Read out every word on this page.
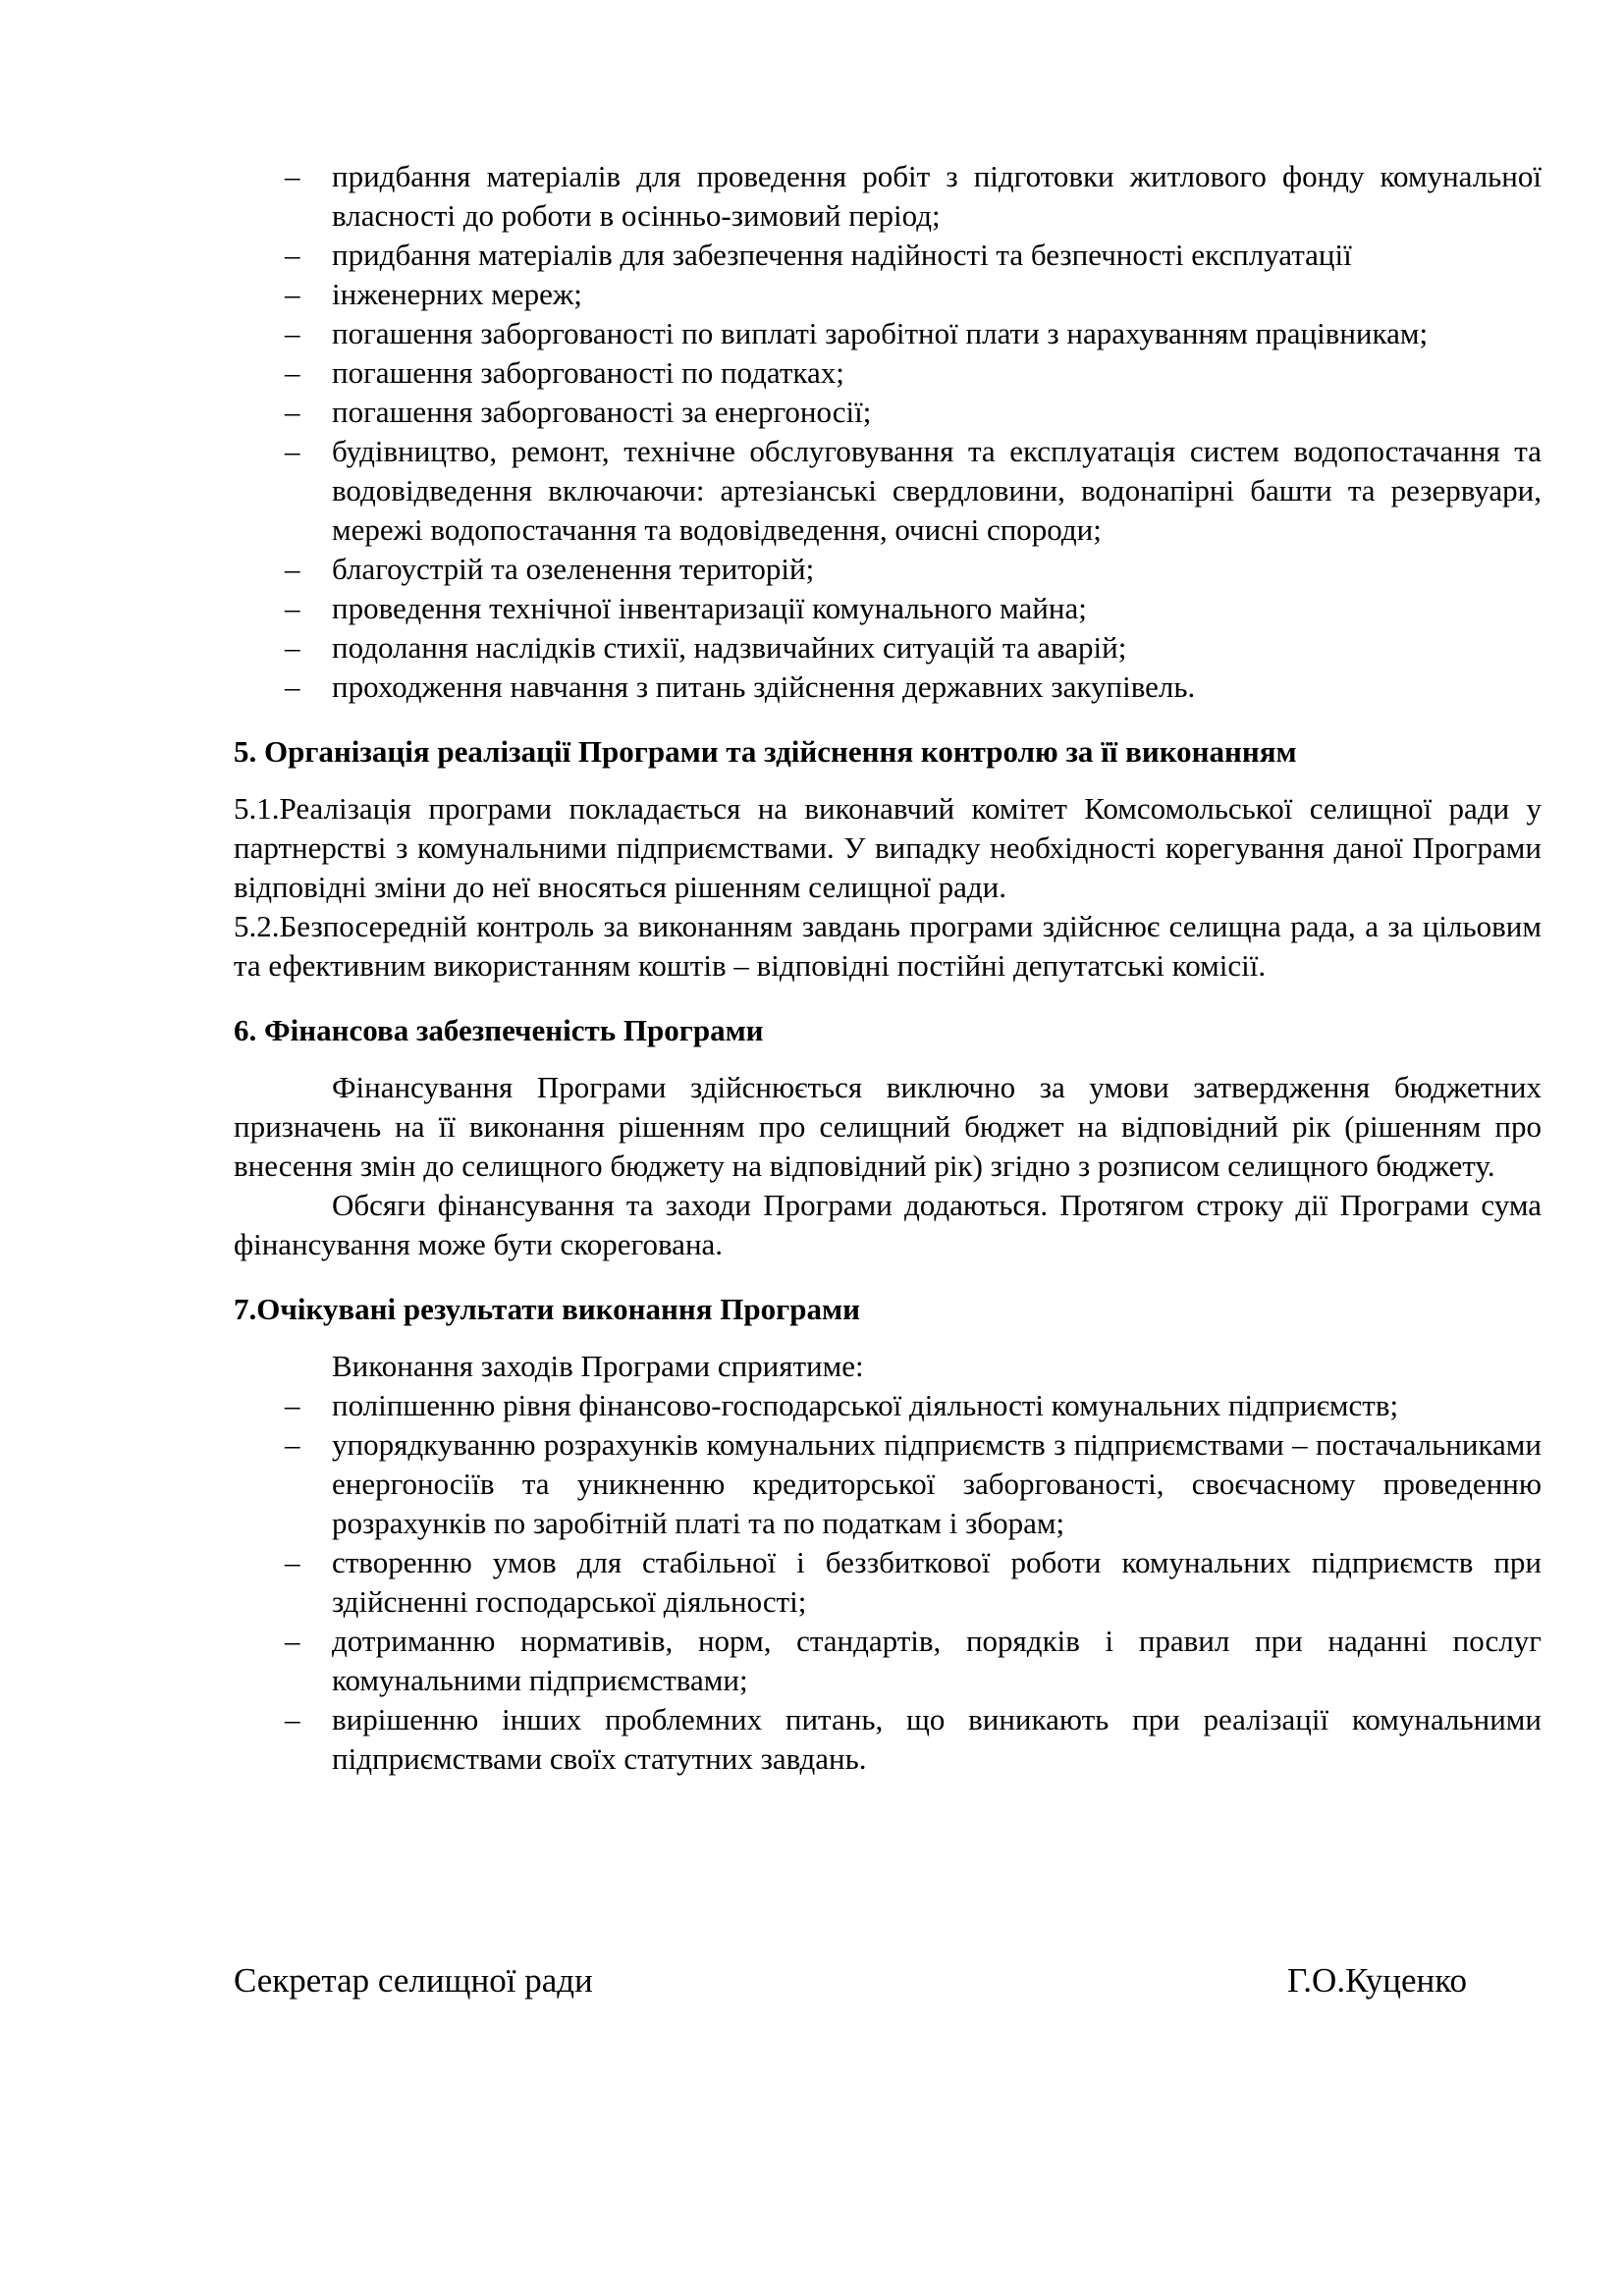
– придбання матеріалів для проведення робіт з підготовки житлового фонду комунальної власності до роботи в осінньо-зимовий період;
– придбання матеріалів для забезпечення надійності та безпечності експлуатації
– інженерних мереж;
– погашення заборгованості по виплаті заробітної плати з нарахуванням працівникам;
– погашення заборгованості по податках;
– погашення заборгованості за енергоносії;
– будівництво, ремонт, технічне обслуговування та експлуатація систем водопостачання та водовідведення включаючи: артезіанські свердловини, водонапірні башти та резервуари, мережі водопостачання та водовідведення, очисні спороди;
– благоустрій та озеленення територій;
– проведення технічної інвентаризації комунального майна;
– подолання наслідків стихії, надзвичайних ситуацій та аварій;
– проходження навчання з питань здійснення державних закупівель.

5. Організація реалізації Програми та здійснення контролю за її виконанням

5.1.Реалізація програми покладається на виконавчий комітет Комсомольської селищної ради у партнерстві з комунальними підприємствами. У випадку необхідності корегування даної Програми відповідні зміни до неї вносяться рішенням селищної ради.

5.2.Безпосередній контроль за виконанням завдань програми здійснює селищна рада, а за цільовим та ефективним використанням коштів – відповідні постійні депутатські комісії.

6. Фінансова забезпеченість Програми

Фінансування Програми здійснюється виключно за умови затвердження бюджетних призначень на її виконання рішенням про селищний бюджет на відповідний рік (рішенням про внесення змін до селищного бюджету на відповідний рік) згідно з розписом селищного бюджету.

Обсяги фінансування та заходи Програми додаються. Протягом строку дії Програми сума фінансування може бути скорегована.

7.Очікувані результати виконання Програми

Виконання заходів Програми сприятиме:

– поліпшенню рівня фінансово-господарської діяльності комунальних підприємств;
– упорядкуванню розрахунків комунальних підприємств з підприємствами – постачальниками енергоносіїв та уникненню кредиторської заборгованості, своєчасному проведенню розрахунків по заробітній платі та по податкам і зборам;
– створенню умов для стабільної і беззбиткової роботи комунальних підприємств при здійсненні господарської діяльності;
– дотриманню нормативів, норм, стандартів, порядків і правил при наданні послуг комунальними підприємствами;
– вирішенню інших проблемних питань, що виникають при реалізації комунальними підприємствами своїх статутних завдань.
Секретар селищної ради	Г.О.Куценко
